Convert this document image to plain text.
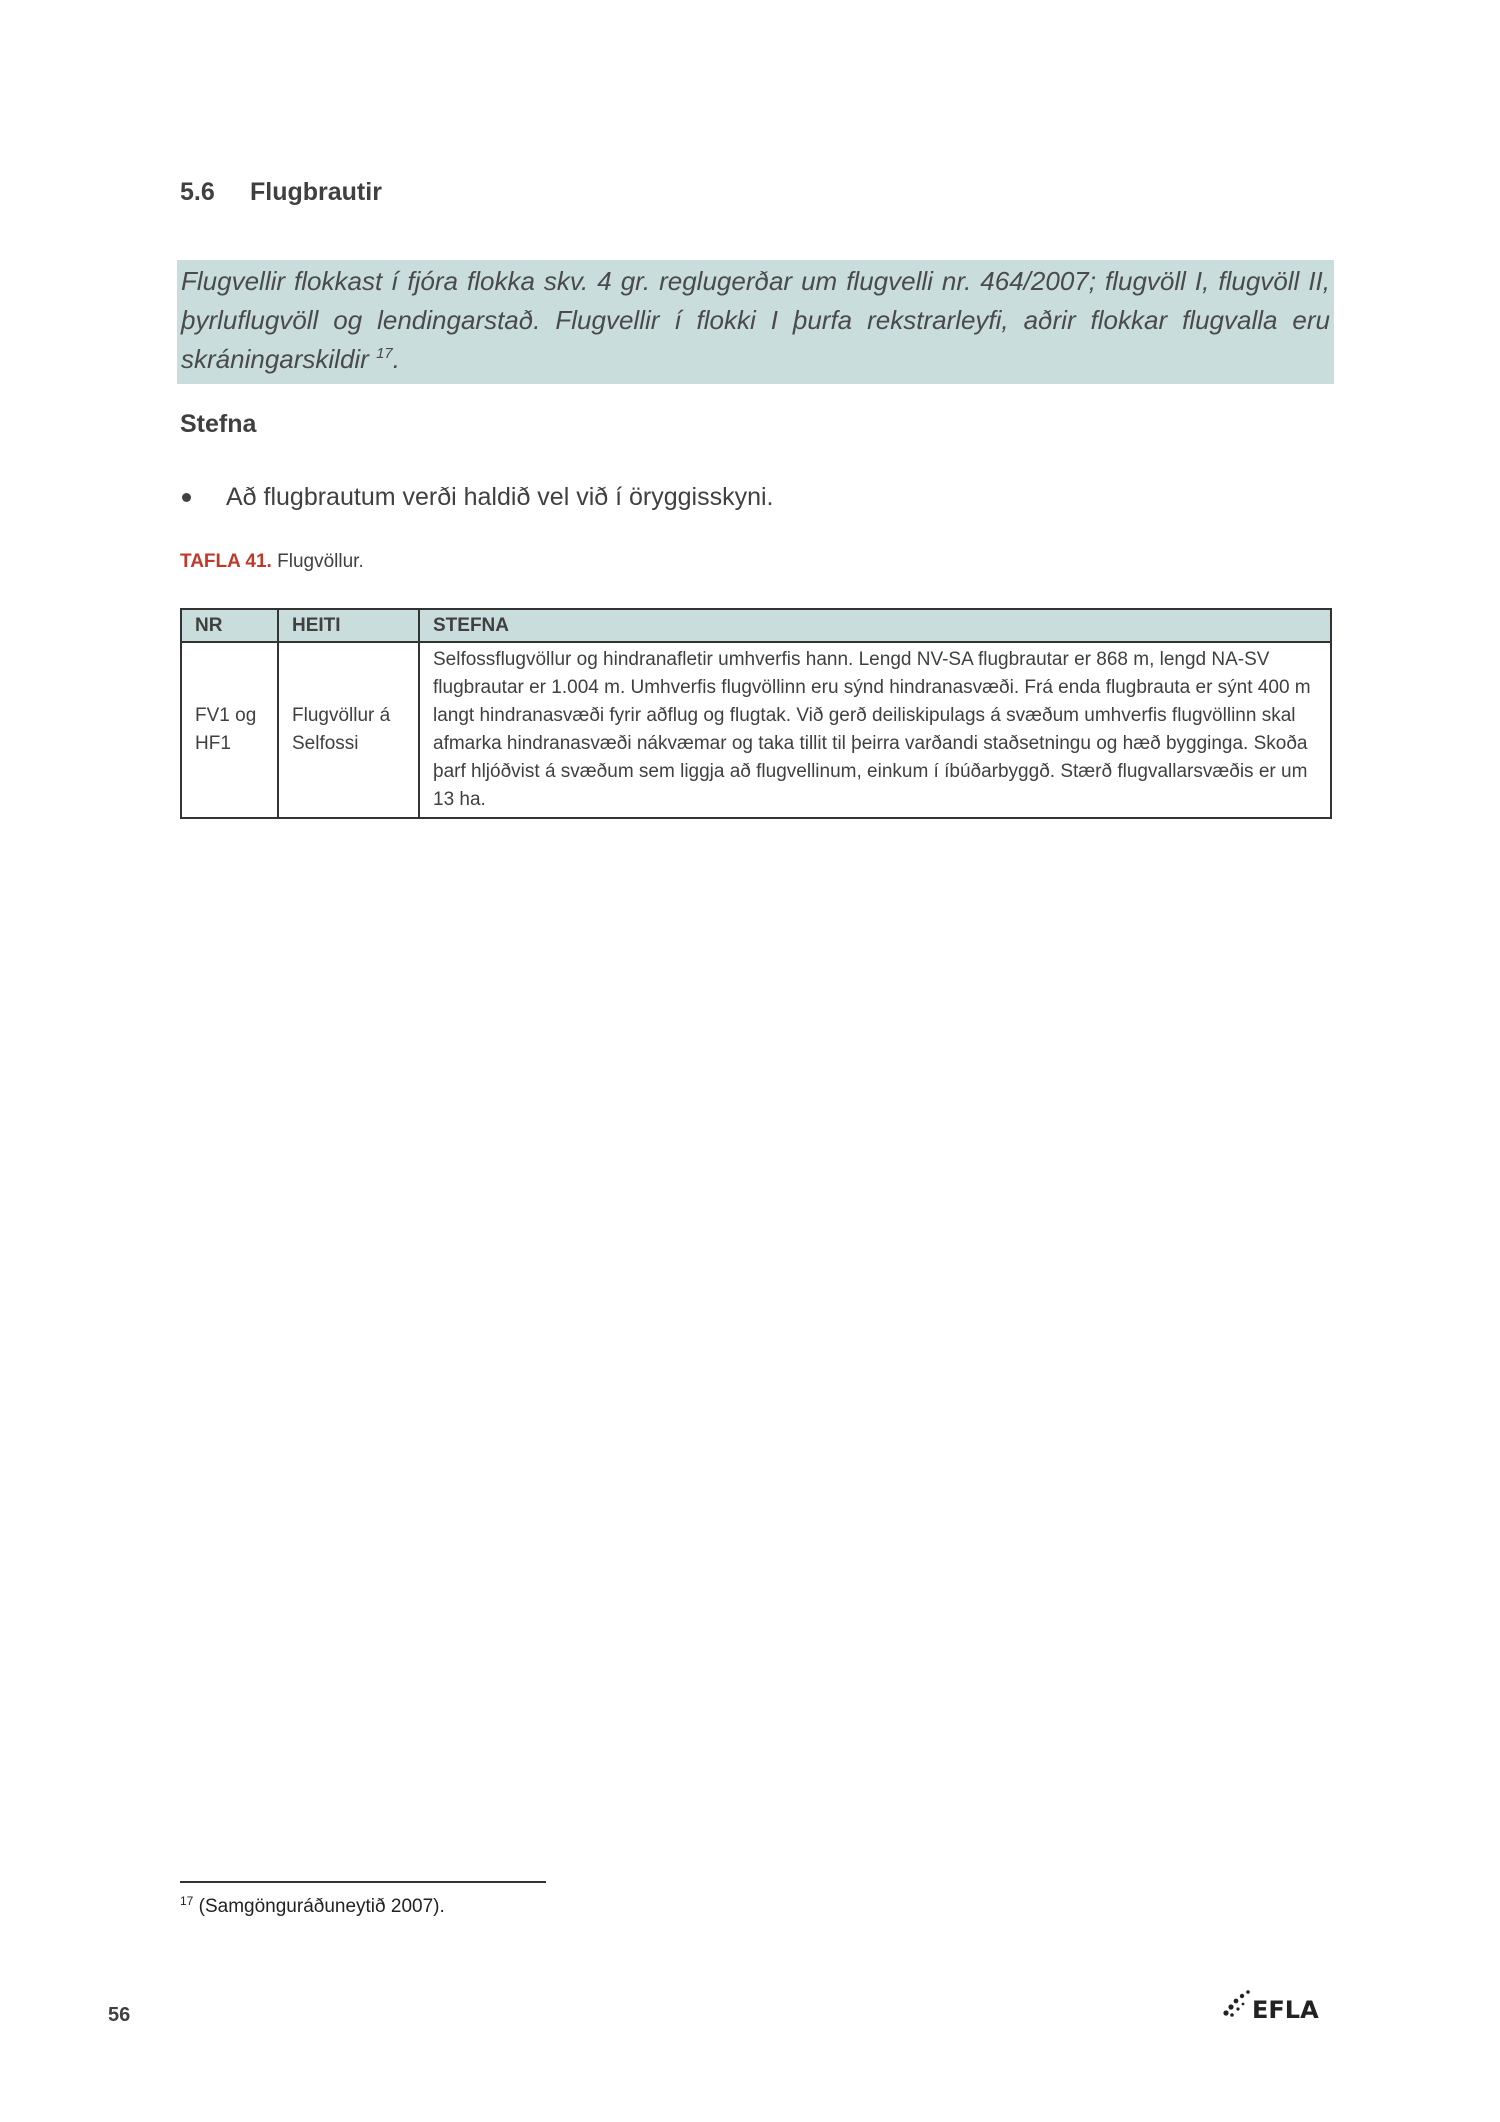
5.6 Flugbrautir
Flugvellir flokkast í fjóra flokka skv. 4 gr. reglugerðar um flugvelli nr. 464/2007; flugvöll I, flugvöll II, þyrluflugvöll og lendingarstað. Flugvellir í flokki I þurfa rekstrarleyfi, aðrir flokkar flugvalla eru skráningarskildir $^{17}$.
Stefna
Að flugbrautum verði haldið vel við í öryggisskyni.
TAFLA 41. Flugvöllur.
NR	HEITI	STEFNA
FV1 og HF1	Flugvöllur á Selfossi	Selfossflugvöllur og hindranafletir umhverfis hann. Lengd NV-SA flugbrautar er 868 m, lengd NA-SV flugbrautar er 1.004 m. Umhverfis flugvöllinn eru sýnd hindranasvæði. Frá enda flugbrauta er sýnt 400 m langt hindranasvæði fyrir aðflug og flugtak. Við gerð deiliskipulags á svæðum umhverfis flugvöllinn skal afmarka hindranasvæði nákvæmar og taka tillit til þeirra varðandi staðsetningu og hæð bygginga. Skoða þarf hljóðvist á svæðum sem liggja að flugvellinum, einkum í íbúðarbyggð. Stærð flugvallarsvæðis er um 13 ha.
$^{17}$ (Samgönguráðuneytið 2007).
56	EFLA
